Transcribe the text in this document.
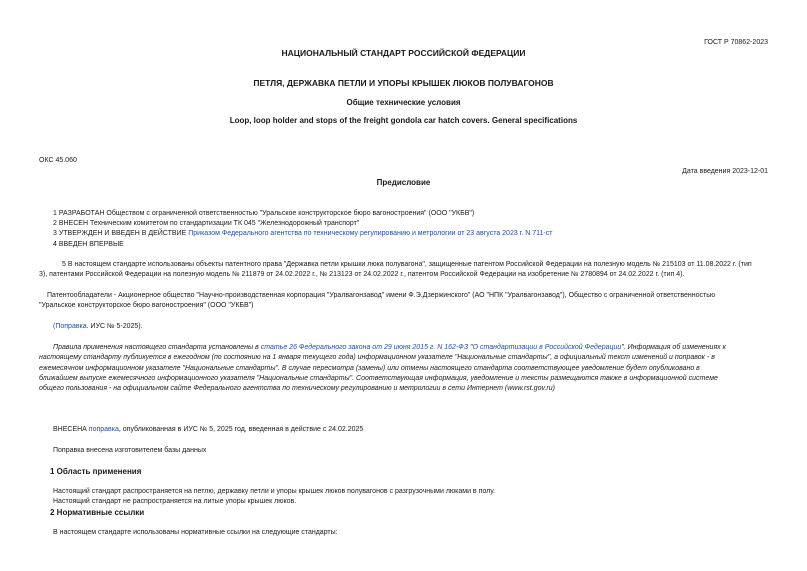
ГОСТ Р 70862-2023
НАЦИОНАЛЬНЫЙ СТАНДАРТ РОССИЙСКОЙ ФЕДЕРАЦИИ
ПЕТЛЯ, ДЕРЖАВКА ПЕТЛИ И УПОРЫ КРЫШЕК ЛЮКОВ ПОЛУВАГОНОВ
Общие технические условия
Loop, loop holder and stops of the freight gondola car hatch covers. General specifications
ОКС 45.060
Дата введения 2023-12-01
Предисловие
1 РАЗРАБОТАН Обществом с ограниченной ответственностью "Уральское конструкторское бюро вагоностроения" (ООО "УКБВ")
2 ВНЕСЕН Техническим комитетом по стандартизации ТК 045 "Железнодорожный транспорт"
3 УТВЕРЖДЕН И ВВЕДЕН В ДЕЙСТВИЕ Приказом Федерального агентства по техническому регулированию и метрологии от 23 августа 2023 г. N 711-ст
4 ВВЕДЕН ВПЕРВЫЕ
5 В настоящем стандарте использованы объекты патентного права "Державка петли крышки люка полувагона", защищенные патентом Российской Федерации на полезную модель № 215103 от 11.08.2022 г. (тип
3), патентами Российской Федерации на полезную модель № 211879 от 24.02.2022 г., № 213123 от 24.02.2022 г., патентом Российской Федерации на изобретение № 2780894 от 24.02.2022 г. (тип 4).
Патентообладатели - Акционерное общество "Научно-производственная корпорация "Уралвагонзавод" имени Ф.Э.Дзержинского" (АО "НПК "Уралвагонзавод"), Общество с ограниченной ответственностью
"Уральское конструкторское бюро вагоностроения" (ООО "УКБВ")
(Поправка. ИУС № 5-2025).
Правила применения настоящего стандарта установлены в статье 26 Федерального закона от 29 июня 2015 г. N 162-ФЗ "О стандартизации в Российской Федерации". Информация об изменениях к
настоящему стандарту публикуется в ежегодном (по состоянию на 1 января текущего года) информационном указателе "Национальные стандарты", а официальный текст изменений и поправок - в
ежемесячном информационном указателе "Национальные стандарты". В случае пересмотра (замены) или отмены настоящего стандарта соответствующее уведомление будет опубликовано в
ближайшем выпуске ежемесячного информационного указателя "Национальные стандарты". Соответствующая информация, уведомление и тексты размещаются также в информационной системе
общего пользования - на официальном сайте Федерального агентства по техническому регулированию и метрологии в сети Интернет (www.rst.gov.ru)
ВНЕСЕНА поправка, опубликованная в ИУС № 5, 2025 год, введенная в действие с 24.02.2025
Поправка внесена изготовителем базы данных
1 Область применения
Настоящий стандарт распространяется на петлю, державку петли и упоры крышек люков полувагонов с разгрузочными люками в полу.
Настоящий стандарт не распространяется на литые упоры крышек люков.
2 Нормативные ссылки
В настоящем стандарте использованы нормативные ссылки на следующие стандарты:
